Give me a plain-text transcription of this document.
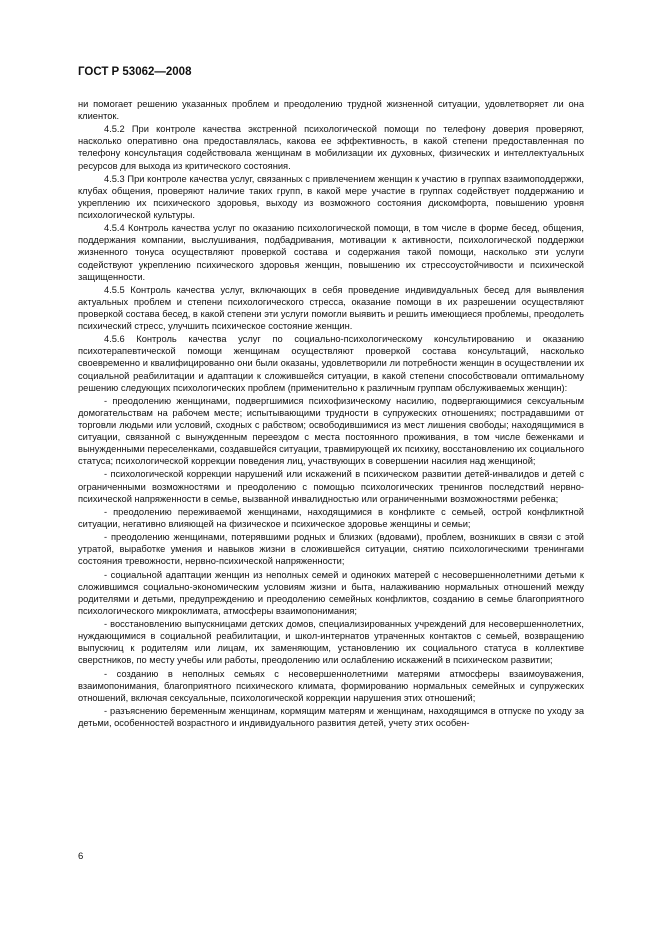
ГОСТ Р 53062—2008

ни помогает решению указанных проблем и преодолению трудной жизненной ситуации, удовлетворяет ли она клиенток.

4.5.2 При контроле качества экстренной психологической помощи по телефону доверия проверяют, насколько оперативно она предоставлялась, какова ее эффективность, в какой степени предоставленная по телефону консультация содействовала женщинам в мобилизации их духовных, физических и интеллектуальных ресурсов для выхода из критического состояния.

4.5.3 При контроле качества услуг, связанных с привлечением женщин к участию в группах взаимоподдержки, клубах общения, проверяют наличие таких групп, в какой мере участие в группах содействует поддержанию и укреплению их психического здоровья, выходу из возможного состояния дискомфорта, повышению уровня психологической культуры.

4.5.4 Контроль качества услуг по оказанию психологической помощи, в том числе в форме бесед, общения, поддержания компании, выслушивания, подбадривания, мотивации к активности, психологической поддержки жизненного тонуса осуществляют проверкой состава и содержания такой помощи, насколько эти услуги содействуют укреплению психического здоровья женщин, повышению их стрессоустойчивости и психической защищенности.

4.5.5 Контроль качества услуг, включающих в себя проведение индивидуальных бесед для выявления актуальных проблем и степени психологического стресса, оказание помощи в их разрешении осуществляют проверкой состава бесед, в какой степени эти услуги помогли выявить и решить имеющиеся проблемы, преодолеть психический стресс, улучшить психическое состояние женщин.

4.5.6 Контроль качества услуг по социально-психологическому консультированию и оказанию психотерапевтической помощи женщинам осуществляют проверкой состава консультаций, насколько своевременно и квалифицированно они были оказаны, удовлетворили ли потребности женщин в осуществлении их социальной реабилитации и адаптации к сложившейся ситуации, в какой степени способствовали оптимальному решению следующих психологических проблем (применительно к различным группам обслуживаемых женщин):

- преодолению женщинами, подвергшимися психофизическому насилию, подвергающимися сексуальным домогательствам на рабочем месте; испытывающими трудности в супружеских отношениях; пострадавшими от торговли людьми или условий, сходных с рабством; освободившимися из мест лишения свободы; находящимися в ситуации, связанной с вынужденным переездом с места постоянного проживания, в том числе беженками и вынужденными переселенками, создавшейся ситуации, травмирующей их психику, восстановлению их социального статуса; психологической коррекции поведения лиц, участвующих в совершении насилия над женщиной;

- психологической коррекции нарушений или искажений в психическом развитии детей-инвалидов и детей с ограниченными возможностями и преодолению с помощью психологических тренингов последствий нервно-психической напряженности в семье, вызванной инвалидностью или ограниченными возможностями ребенка;

- преодолению переживаемой женщинами, находящимися в конфликте с семьей, острой конфликтной ситуации, негативно влияющей на физическое и психическое здоровье женщины и семьи;

- преодолению женщинами, потерявшими родных и близких (вдовами), проблем, возникших в связи с этой утратой, выработке умения и навыков жизни в сложившейся ситуации, снятию психологическими тренингами состояния тревожности, нервно-психической напряженности;

- социальной адаптации женщин из неполных семей и одиноких матерей с несовершеннолетними детьми к сложившимся социально-экономическим условиям жизни и быта, налаживанию нормальных отношений между родителями и детьми, предупреждению и преодолению семейных конфликтов, созданию в семье благоприятного психологического микроклимата, атмосферы взаимопонимания;

- восстановлению выпускницами детских домов, специализированных учреждений для несовершеннолетних, нуждающимися в социальной реабилитации, и школ-интернатов утраченных контактов с семьей, возвращению выпускниц к родителям или лицам, их заменяющим, установлению их социального статуса в коллективе сверстников, по месту учебы или работы, преодолению или ослаблению искажений в психическом развитии;

- созданию в неполных семьях с несовершеннолетними матерями атмосферы взаимоуважения, взаимопонимания, благоприятного психического климата, формированию нормальных семейных и супружеских отношений, включая сексуальные, психологической коррекции нарушения этих отношений;

- разъяснению беременным женщинам, кормящим матерям и женщинам, находящимся в отпуске по уходу за детьми, особенностей возрастного и индивидуального развития детей, учету этих особен-

6
